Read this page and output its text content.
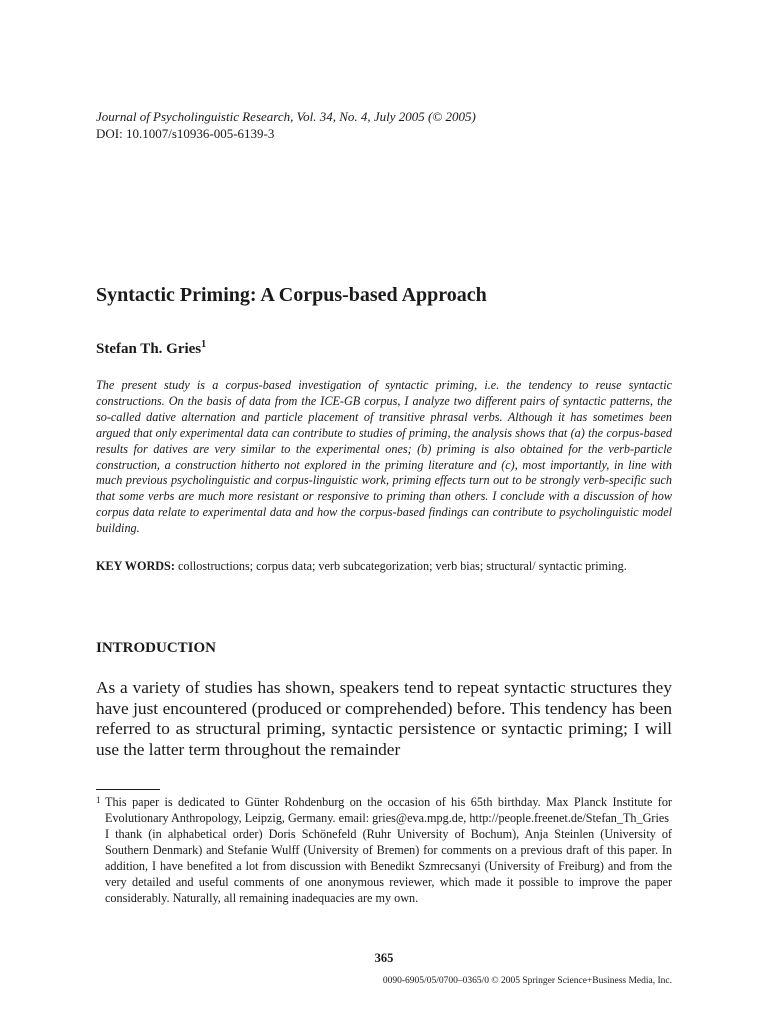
Journal of Psycholinguistic Research, Vol. 34, No. 4, July 2005 (© 2005)
DOI: 10.1007/s10936-005-6139-3
Syntactic Priming: A Corpus-based Approach
Stefan Th. Gries$^1$

The present study is a corpus-based investigation of syntactic priming, i.e. the tendency to reuse syntactic constructions. On the basis of data from the ICE-GB corpus, I analyze two different pairs of syntactic patterns, the so-called dative alternation and particle placement of transitive phrasal verbs. Although it has sometimes been argued that only experimental data can contribute to studies of priming, the analysis shows that (a) the corpus-based results for datives are very similar to the experimental ones; (b) priming is also obtained for the verb-particle construction, a construction hitherto not explored in the priming literature and (c), most importantly, in line with much previous psycholinguistic and corpus-linguistic work, priming effects turn out to be strongly verb-specific such that some verbs are much more resistant or responsive to priming than others. I conclude with a discussion of how corpus data relate to experimental data and how the corpus-based findings can contribute to psycholinguistic model building.

KEY WORDS: collostructions; corpus data; verb subcategorization; verb bias; structural/ syntactic priming.

INTRODUCTION

As a variety of studies has shown, speakers tend to repeat syntactic structures they have just encountered (produced or comprehended) before. This tendency has been referred to as structural priming, syntactic persistence or syntactic priming; I will use the latter term throughout the remainder

1 This paper is dedicated to Günter Rohdenburg on the occasion of his 65th birthday. Max Planck Institute for Evolutionary Anthropology, Leipzig, Germany. email: gries@eva.mpg.de, http://people.freenet.de/Stefan_Th_Gries

I thank (in alphabetical order) Doris Schönefeld (Ruhr University of Bochum), Anja Steinlen (University of Southern Denmark) and Stefanie Wulff (University of Bremen) for comments on a previous draft of this paper. In addition, I have benefited a lot from discussion with Benedikt Szmrecsanyi (University of Freiburg) and from the very detailed and useful comments of one anonymous reviewer, which made it possible to improve the paper considerably. Naturally, all remaining inadequacies are my own.

365
0090-6905/05/0700–0365/0 © 2005 Springer Science+Business Media, Inc.
